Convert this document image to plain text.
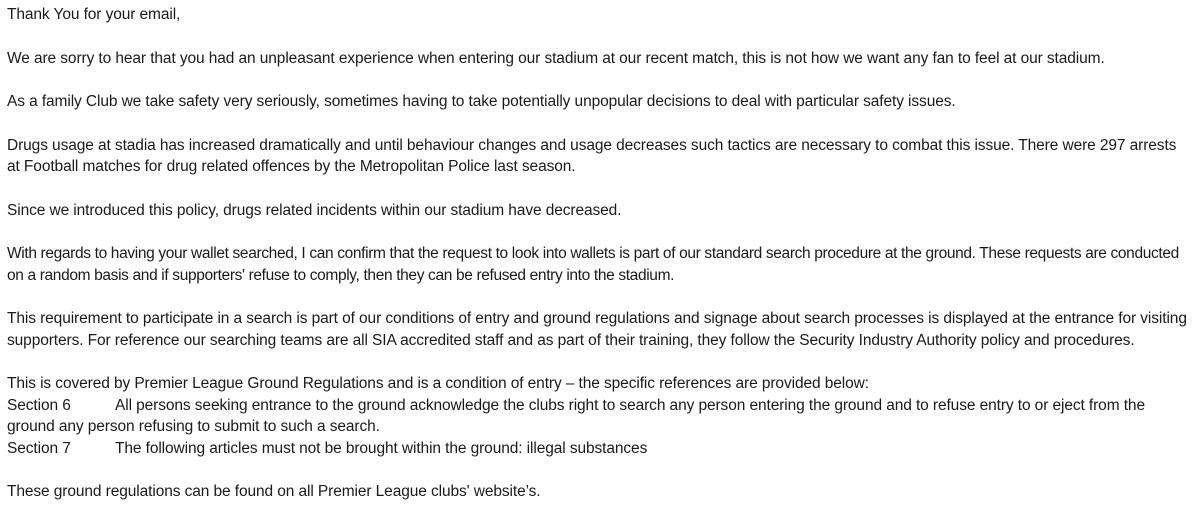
Thank You for your email,

We are sorry to hear that you had an unpleasant experience when entering our stadium at our recent match, this is not how we want any fan to feel at our stadium.

As a family Club we take safety very seriously, sometimes having to take potentially unpopular decisions to deal with particular safety issues.

Drugs usage at stadia has increased dramatically and until behaviour changes and usage decreases such tactics are necessary to combat this issue. There were 297 arrests at Football matches for drug related offences by the Metropolitan Police last season.

Since we introduced this policy, drugs related incidents within our stadium have decreased.

With regards to having your wallet searched, I can confirm that the request to look into wallets is part of our standard search procedure at the ground. These requests are conducted on a random basis and if supporters' refuse to comply, then they can be refused entry into the stadium.

This requirement to participate in a search is part of our conditions of entry and ground regulations and signage about search processes is displayed at the entrance for visiting supporters. For reference our searching teams are all SIA accredited staff and as part of their training, they follow the Security Industry Authority policy and procedures.

This is covered by Premier League Ground Regulations and is a condition of entry – the specific references are provided below:
Section 6	All persons seeking entrance to the ground acknowledge the clubs right to search any person entering the ground and to refuse entry to or eject from the ground any person refusing to submit to such a search.
Section 7	The following articles must not be brought within the ground: illegal substances

These ground regulations can be found on all Premier League clubs' website’s.
